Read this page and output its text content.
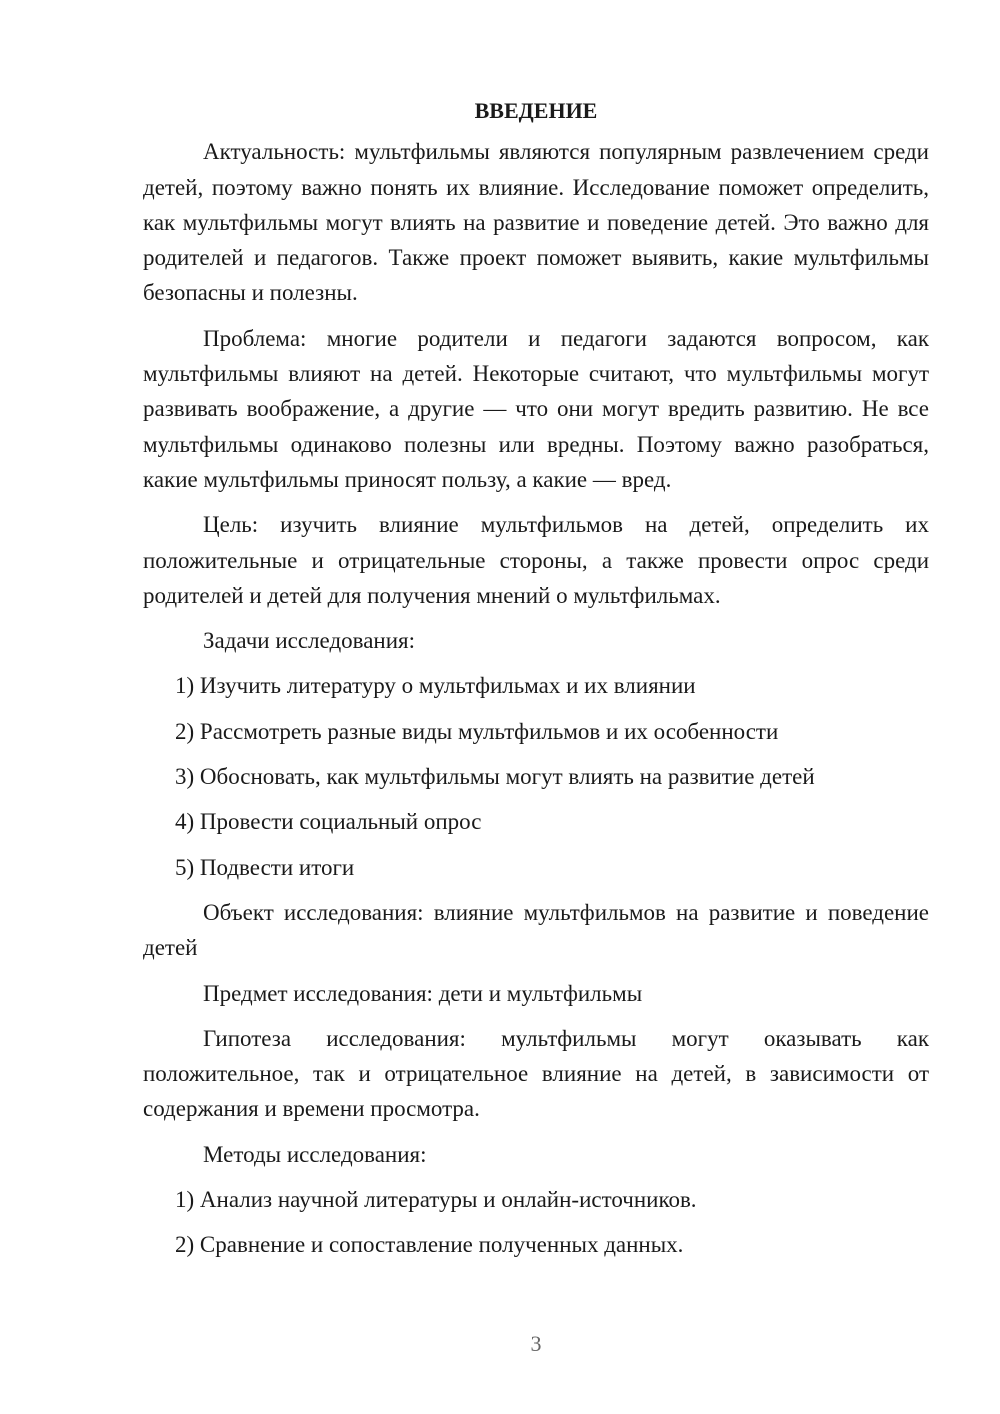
ВВЕДЕНИЕ

Актуальность: мультфильмы являются популярным развлечением среди детей, поэтому важно понять их влияние. Исследование поможет определить, как мультфильмы могут влиять на развитие и поведение детей. Это важно для родителей и педагогов. Также проект поможет выявить, какие мультфильмы безопасны и полезны.

Проблема: многие родители и педагоги задаются вопросом, как мультфильмы влияют на детей. Некоторые считают, что мультфильмы могут развивать воображение, а другие — что они могут вредить развитию. Не все мультфильмы одинаково полезны или вредны. Поэтому важно разобраться, какие мультфильмы приносят пользу, а какие — вред.

Цель: изучить влияние мультфильмов на детей, определить их положительные и отрицательные стороны, а также провести опрос среди родителей и детей для получения мнений о мультфильмах.

Задачи исследования:

1) Изучить литературу о мультфильмах и их влиянии

2) Рассмотреть разные виды мультфильмов и их особенности

3) Обосновать, как мультфильмы могут влиять на развитие детей

4) Провести социальный опрос

5) Подвести итоги

Объект исследования: влияние мультфильмов на развитие и поведение детей

Предмет исследования: дети и мультфильмы

Гипотеза исследования: мультфильмы могут оказывать как положительное, так и отрицательное влияние на детей, в зависимости от содержания и времени просмотра.

Методы исследования:

1) Анализ научной литературы и онлайн-источников.

2) Сравнение и сопоставление полученных данных.

3
